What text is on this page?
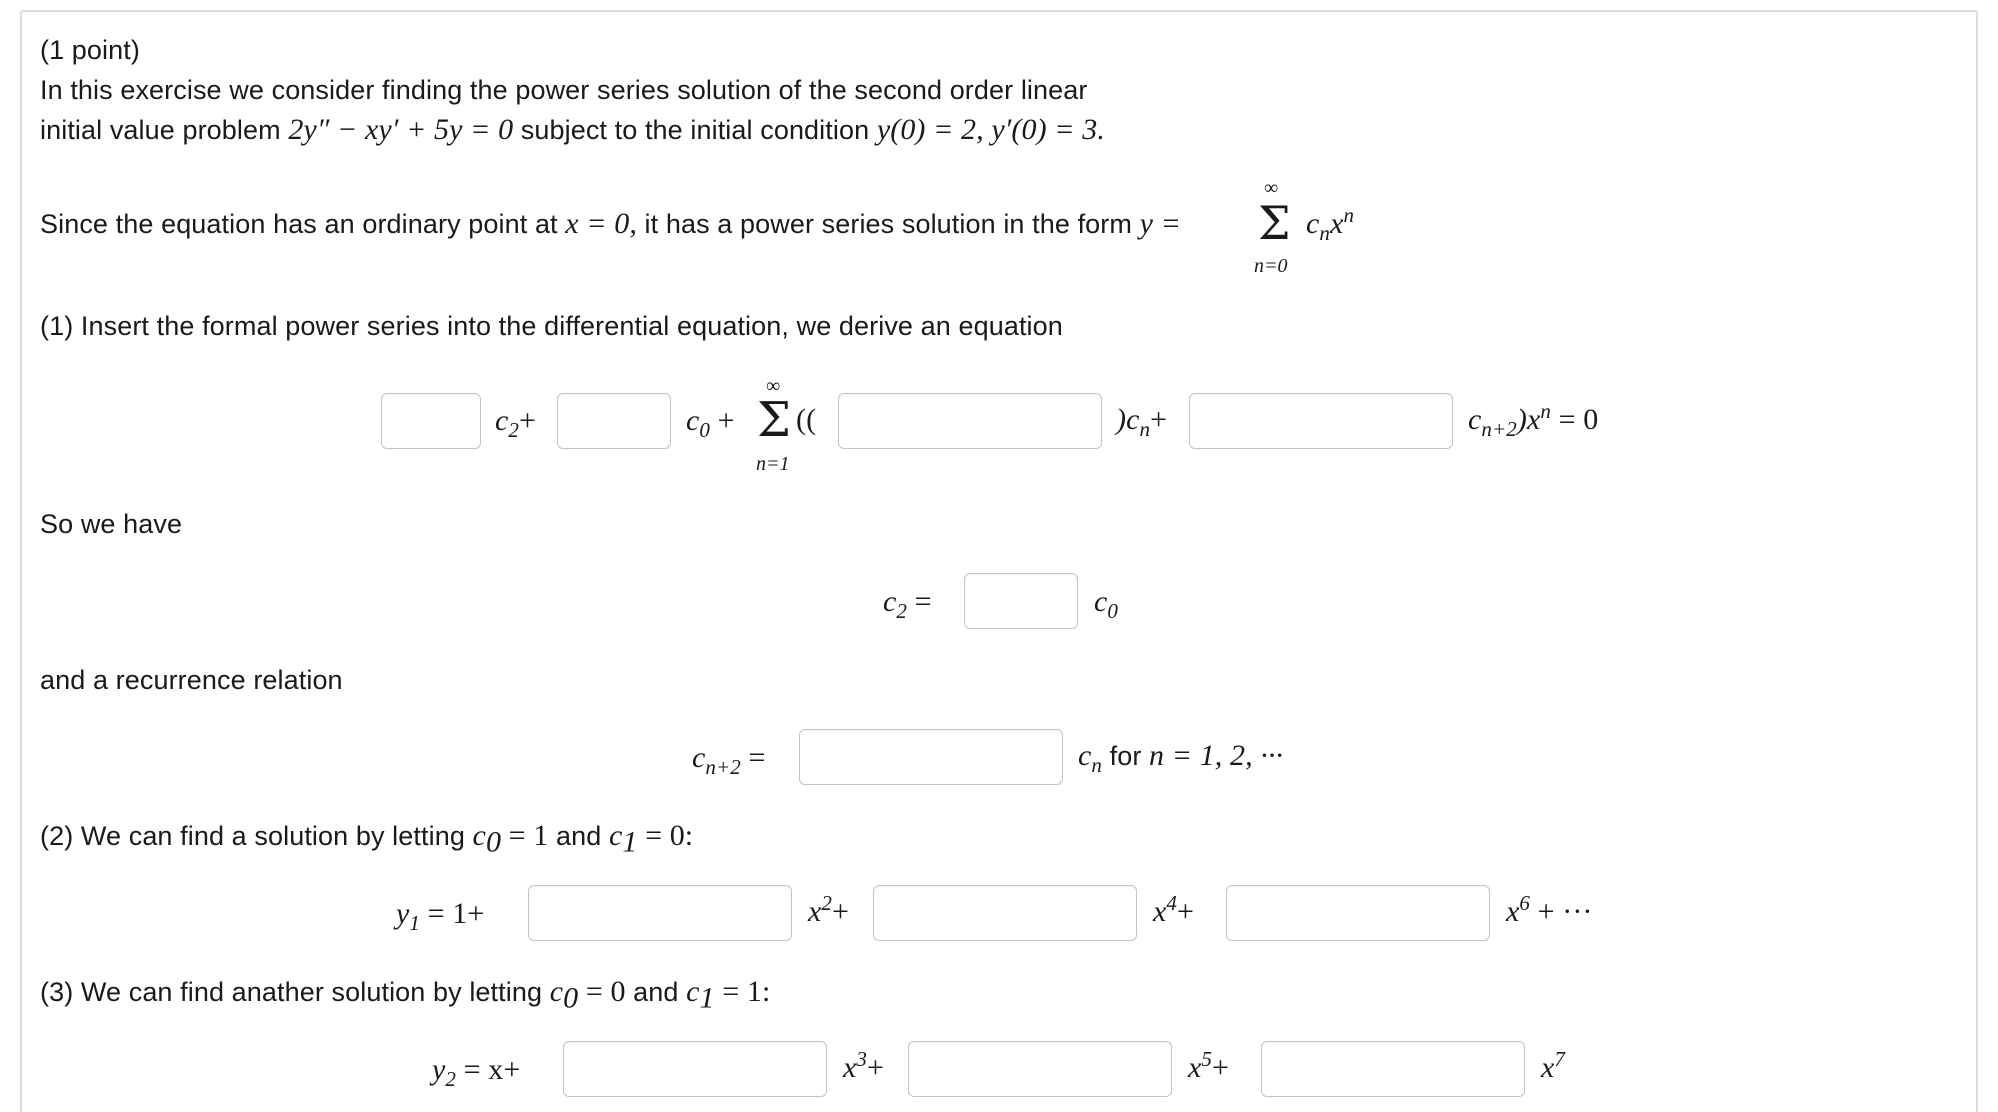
(1 point)
In this exercise we consider finding the power series solution of the second order linear
initial value problem 2y″ − xy′ + 5y = 0 subject to the initial condition y(0) = 2, y′(0) = 3.
Since the equation has an ordinary point at x = 0, it has a power series solution in the form y =
∞
Σ
n=0
$c_nx^n$
(1) Insert the formal power series into the differential equation, we derive an equation
$c_2+$	$c_0$ +
∞
Σ
n=1
((	)$c_n+$	$c_{n+2})x^n = 0$
So we have
$c_2$ =	$c_0$
and a recurrence relation
$c_{n+2}$ =	$c_n$ for n = 1, 2, ···
(2) We can find a solution by letting $c_0 = 1$ and $c_1 = 0$:
$y_1 = 1+$	$x^2+$	$x^4+$	$x^6$ + ···
(3) We can find anather solution by letting $c_0 = 0$ and $c_1 = 1$:
$y_2 = x+$	$x^3+$	$x^5+$	$x^7$
